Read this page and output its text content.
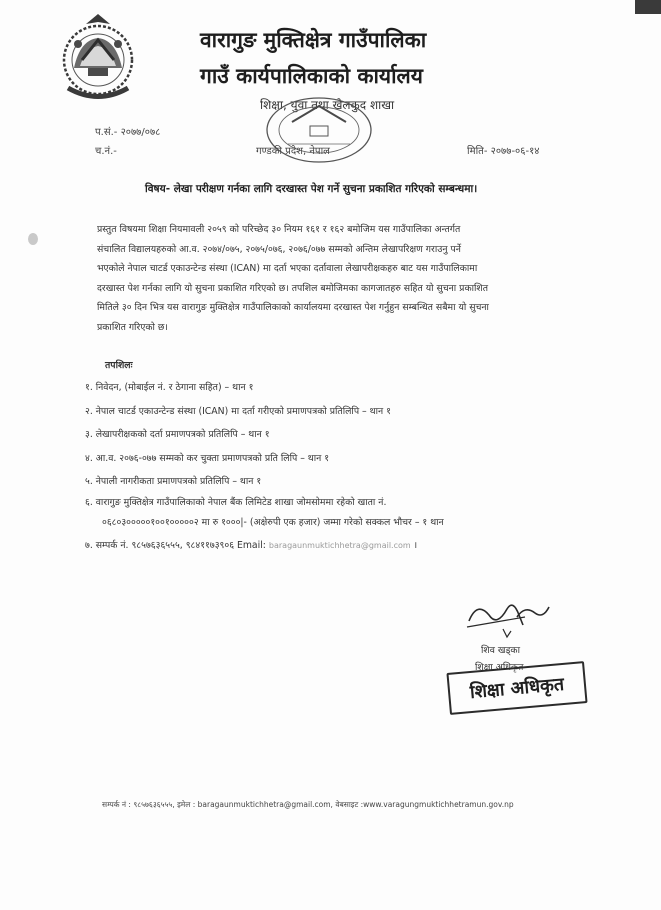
वारागुङ मुक्तिक्षेत्र गाउँपालिका
गाउँ कार्यपालिकाको कार्यालय
शिक्षा, युवा तथा खेलकुद शाखा
प.सं.- २०७७/०७८
च.नं.-	गण्डकी प्रदेश, नेपाल	मिति- २०७७-०६-१४
विषय- लेखा परीक्षण गर्नका लागि दरखास्त पेश गर्ने सुचना प्रकाशित गरिएको सम्बन्धमा।
प्रस्तुत विषयमा शिक्षा नियमावली २०५९ को परिच्छेद ३० नियम १६१ र १६२ बमोजिम यस गाउँपालिका अन्तर्गत
संचालित विद्यालयहरुको आ.व. २०७४/०७५, २०७५/०७६, २०७६/०७७ सम्मको अन्तिम लेखापरिक्षण गराउनु पर्ने
भएकोले नेपाल चाटर्ड एकाउन्टेन्ड संस्था (ICAN) मा दर्ता भएका दर्तावाला लेखापरीक्षकहरु बाट यस गाउँपालिकामा
दरखास्त पेश गर्नका लागि यो सुचना प्रकाशित गरिएको छ। तपशिल बमोजिमका कागजातहरु सहित यो सुचना प्रकाशित
मितिले ३० दिन भित्र यस वारागुङ मुक्तिक्षेत्र गाउँपालिकाको कार्यालयमा दरखास्त पेश गर्नुहुन सम्बन्धित सबैमा यो सुचना
प्रकाशित गरिएको छ।
तपशिलः
१. निवेदन, (मोबाईल नं. र ठेगाना सहित) – थान १
२. नेपाल चाटर्ड एकाउन्टेन्ड संस्था (ICAN) मा दर्ता गरीएको प्रमाणपत्रको प्रतिलिपि – थान १
३. लेखापरीक्षकको दर्ता प्रमाणपत्रको प्रतिलिपि – थान १
४. आ.व. २०७६-०७७ सम्मको कर चुक्ता प्रमाणपत्रको प्रति लिपि – थान १
५. नेपाली नागरीकता प्रमाणपत्रको प्रतिलिपि – थान १
६. वारागुङ मुक्तिक्षेत्र गाउँपालिकाको नेपाल बैंक लिमिटेड शाखा जोमसोममा रहेको खाता नं.
०६८०३०००००१००१०००००२ मा रु १०००|- (अक्षेरुपी एक हजार) जम्मा गरेको सक्कल भौचर – १ थान
७. सम्पर्क नं. ९८५७६३६५५५, ९८४११७३९०६ Email: baragaunmuktichhetra@gmail.com ।
शिव खड्का
शिक्षा अधिकृत
शिक्षा अधिकृत
सम्पर्क नं : ९८५७६३६५५५, इमेल : baragaunmuktichhetra@gmail.com, वेबसाइट :www.varagungmuktichhetramun.gov.np
